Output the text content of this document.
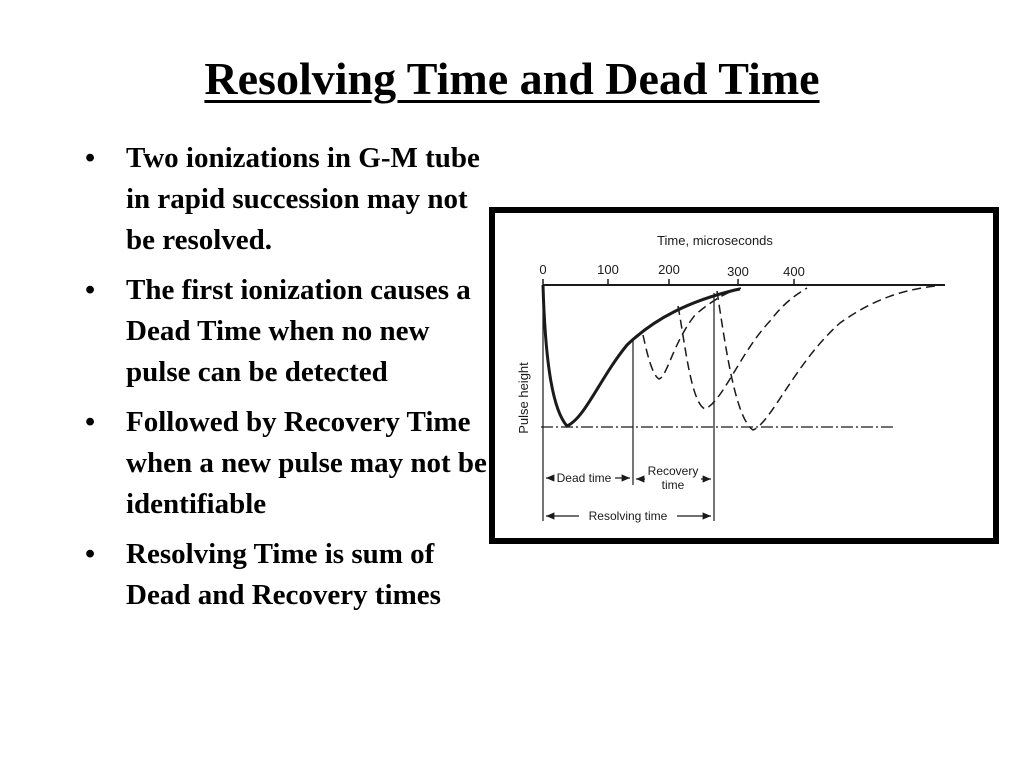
Resolving Time and Dead Time
• Two ionizations in G-M tube in rapid succession may not be resolved.
• The first ionization causes a Dead Time when no new pulse can be detected
• Followed by Recovery Time when a new pulse may not be identifiable
• Resolving Time is sum of Dead and Recovery times
Time, microseconds
0	100	200	300	400
Pulse height
Dead time	Recovery
time
Resolving time
